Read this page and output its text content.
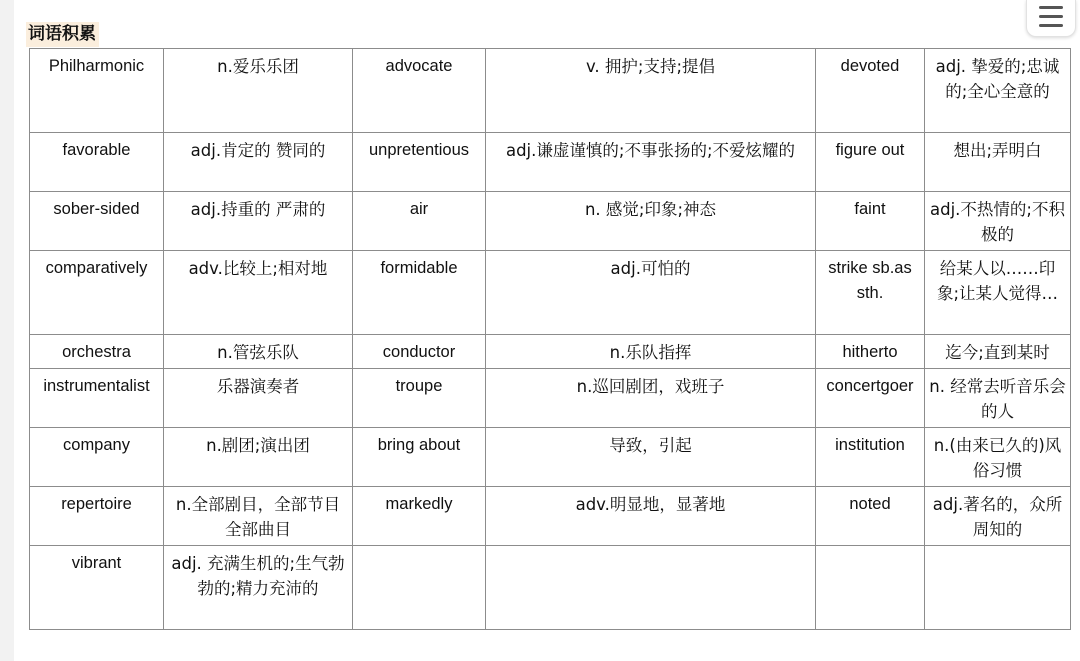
词语积累
Philharmonic	n.爱乐乐团	advocate	v. 拥护;支持;提倡	devoted	adj. 挚爱的;忠诚的;全心全意的
favorable	adj.肯定的 赞同的	unpretentious	adj.谦虚谨慎的;不事张扬的;不爱炫耀的	figure out	想出;弄明白
sober-sided	adj.持重的 严肃的	air	n. 感觉;印象;神态	faint	adj.不热情的;不积极的
comparatively	adv.比较上;相对地	formidable	adj.可怕的	strike sb.as sth.	给某人以……印象;让某人觉得…
orchestra	n.管弦乐队	conductor	n.乐队指挥	hitherto	迄今;直到某时
instrumentalist	乐器演奏者	troupe	n.巡回剧团，戏班子	concertgoer	n. 经常去听音乐会的人
company	n.剧团;演出团	bring about	导致，引起	institution	n.(由来已久的)风俗习惯
repertoire	n.全部剧目，全部节目 全部曲目	markedly	adv.明显地，显著地	noted	adj.著名的，众所周知的
vibrant	adj. 充满生机的;生气勃勃的;精力充沛的				
